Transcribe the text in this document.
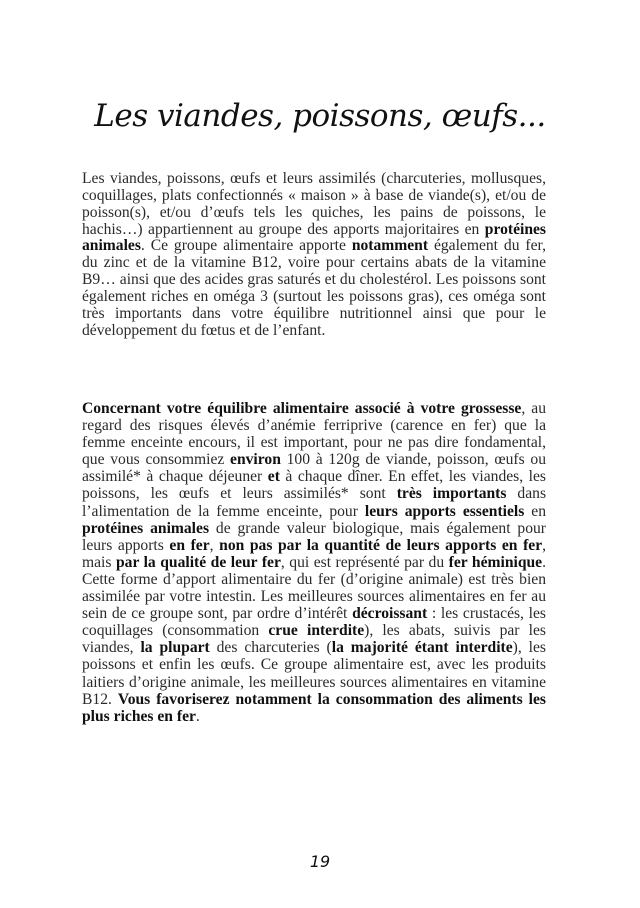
Les viandes, poissons, œufs...
Les viandes, poissons, œufs et leurs assimilés (charcuteries, mollusques, coquillages, plats confectionnés « maison » à base de viande(s), et/ou de poisson(s), et/ou d’œufs tels les quiches, les pains de poissons, le hachis…) appartiennent au groupe des apports majoritaires en protéines animales. Ce groupe alimentaire apporte notamment également du fer, du zinc et de la vitamine B12, voire pour certains abats de la vitamine B9… ainsi que des acides gras saturés et du cholestérol. Les poissons sont également riches en oméga 3 (surtout les poissons gras), ces oméga sont très importants dans votre équilibre nutritionnel ainsi que pour le développement du fœtus et de l’enfant.
Concernant votre équilibre alimentaire associé à votre grossesse, au regard des risques élevés d’anémie ferriprive (carence en fer) que la femme enceinte encours, il est important, pour ne pas dire fondamental, que vous consommiez environ 100 à 120g de viande, poisson, œufs ou assimilé* à chaque déjeuner et à chaque dîner. En effet, les viandes, les poissons, les œufs et leurs assimilés* sont très importants dans l’alimentation de la femme enceinte, pour leurs apports essentiels en protéines animales de grande valeur biologique, mais également pour leurs apports en fer, non pas par la quantité de leurs apports en fer, mais par la qualité de leur fer, qui est représenté par du fer héminique. Cette forme d’apport alimentaire du fer (d’origine animale) est très bien assimilée par votre intestin. Les meilleures sources alimentaires en fer au sein de ce groupe sont, par ordre d’intérêt décroissant : les crustacés, les coquillages (consommation crue interdite), les abats, suivis par les viandes, la plupart des charcuteries (la majorité étant interdite), les poissons et enfin les œufs. Ce groupe alimentaire est, avec les produits laitiers d’origine animale, les meilleures sources alimentaires en vitamine B12. Vous favoriserez notamment la consommation des aliments les plus riches en fer.
19
